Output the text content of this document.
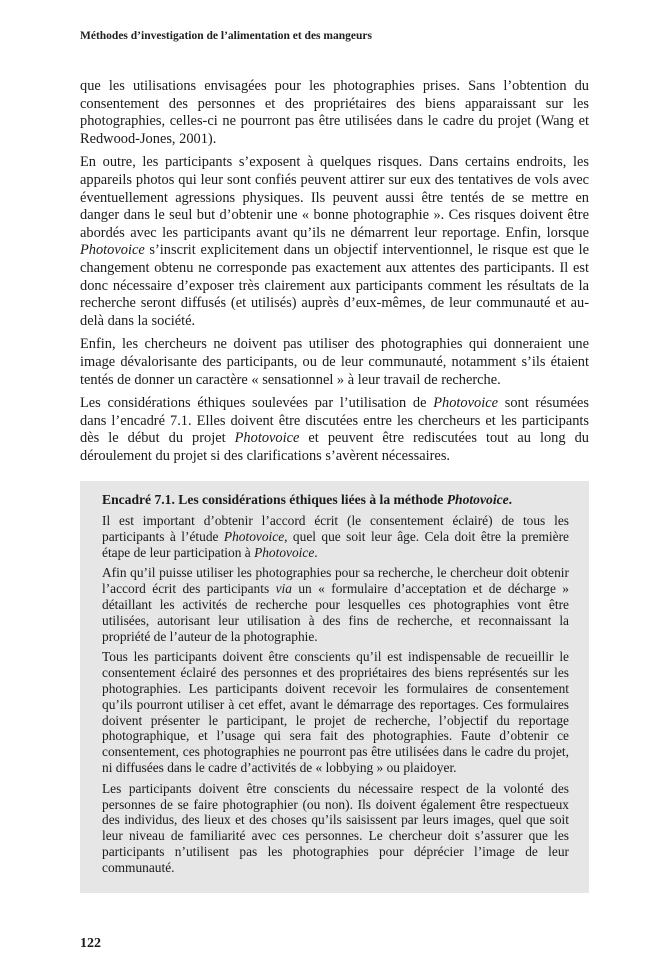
Méthodes d’investigation de l’alimentation et des mangeurs

que les utilisations envisagées pour les photographies prises. Sans l’obtention du consentement des personnes et des propriétaires des biens apparaissant sur les photographies, celles-ci ne pourront pas être utilisées dans le cadre du projet (Wang et Redwood-Jones, 2001).

En outre, les participants s’exposent à quelques risques. Dans certains endroits, les appareils photos qui leur sont confiés peuvent attirer sur eux des tentatives de vols avec éventuellement agressions physiques. Ils peuvent aussi être tentés de se mettre en danger dans le seul but d’obtenir une « bonne photographie ». Ces risques doivent être abordés avec les participants avant qu’ils ne démarrent leur reportage. Enfin, lorsque Photovoice s’inscrit explicitement dans un objectif interventionnel, le risque est que le changement obtenu ne corresponde pas exactement aux attentes des participants. Il est donc nécessaire d’exposer très clairement aux participants comment les résultats de la recherche seront diffusés (et utilisés) auprès d’eux-mêmes, de leur communauté et au-delà dans la société.

Enfin, les chercheurs ne doivent pas utiliser des photographies qui donneraient une image dévalorisante des participants, ou de leur communauté, notamment s’ils étaient tentés de donner un caractère « sensationnel » à leur travail de recherche.

Les considérations éthiques soulevées par l’utilisation de Photovoice sont résumées dans l’encadré 7.1. Elles doivent être discutées entre les chercheurs et les participants dès le début du projet Photovoice et peuvent être rediscutées tout au long du déroulement du projet si des clarifications s’avèrent nécessaires.

Encadré 7.1. Les considérations éthiques liées à la méthode Photovoice.

Il est important d’obtenir l’accord écrit (le consentement éclairé) de tous les participants à l’étude Photovoice, quel que soit leur âge. Cela doit être la première étape de leur participation à Photovoice.

Afin qu’il puisse utiliser les photographies pour sa recherche, le chercheur doit obtenir l’accord écrit des participants via un « formulaire d’acceptation et de décharge » détaillant les activités de recherche pour lesquelles ces photographies vont être utilisées, autorisant leur utilisation à des fins de recherche, et reconnaissant la propriété de l’auteur de la photographie.

Tous les participants doivent être conscients qu’il est indispensable de recueillir le consentement éclairé des personnes et des propriétaires des biens représentés sur les photographies. Les participants doivent recevoir les formulaires de consentement qu’ils pourront utiliser à cet effet, avant le démarrage des reportages. Ces formulaires doivent présenter le participant, le projet de recherche, l’objectif du reportage photographique, et l’usage qui sera fait des photographies. Faute d’obtenir ce consentement, ces photographies ne pourront pas être utilisées dans le cadre du projet, ni diffusées dans le cadre d’activités de « lobbying » ou plaidoyer.

Les participants doivent être conscients du nécessaire respect de la volonté des personnes de se faire photographier (ou non). Ils doivent également être respectueux des individus, des lieux et des choses qu’ils saisissent par leurs images, quel que soit leur niveau de familiarité avec ces personnes. Le chercheur doit s’assurer que les participants n’utilisent pas les photographies pour déprécier l’image de leur communauté.

122
